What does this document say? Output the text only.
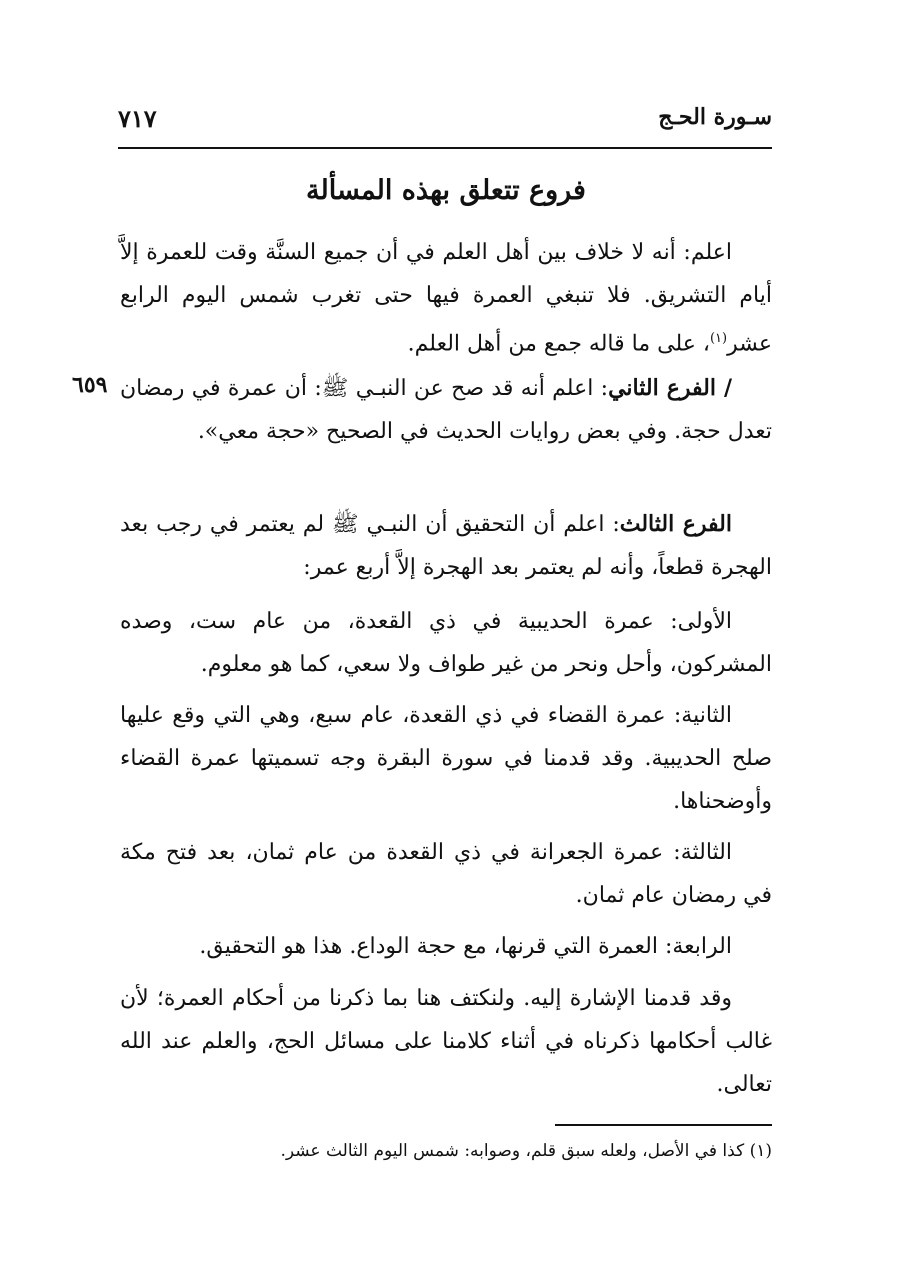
سـورة الحـج
٧١٧
فروع تتعلق بهذه المسألة
٦٥٩
اعلم: أنه لا خلاف بين أهل العلم في أن جميع السنَّة وقت للعمرة إلاَّ أيام التشريق. فلا تنبغي العمرة فيها حتى تغرب شمس اليوم الرابع عشر$^{(١)}$، على ما قاله جمع من أهل العلم.
/ الفرع الثاني: اعلم أنه قد صح عن النبـي ﷺ: أن عمرة في رمضان تعدل حجة. وفي بعض روايات الحديث في الصحيح «حجة معي».
الفرع الثالث: اعلم أن التحقيق أن النبـي ﷺ لم يعتمر في رجب بعد الهجرة قطعاً، وأنه لم يعتمر بعد الهجرة إلاَّ أربع عمر:
الأولى: عمرة الحديبية في ذي القعدة، من عام ست، وصده المشركون، وأحل ونحر من غير طواف ولا سعي، كما هو معلوم.
الثانية: عمرة القضاء في ذي القعدة، عام سبع، وهي التي وقع عليها صلح الحديبية. وقد قدمنا في سورة البقرة وجه تسميتها عمرة القضاء وأوضحناها.
الثالثة: عمرة الجعرانة في ذي القعدة من عام ثمان، بعد فتح مكة في رمضان عام ثمان.
الرابعة: العمرة التي قرنها، مع حجة الوداع. هذا هو التحقيق.
وقد قدمنا الإشارة إليه. ولنكتف هنا بما ذكرنا من أحكام العمرة؛ لأن غالب أحكامها ذكرناه في أثناء كلامنا على مسائل الحج، والعلم عند الله تعالى.
(١) كذا في الأصل، ولعله سبق قلم، وصوابه: شمس اليوم الثالث عشر.
